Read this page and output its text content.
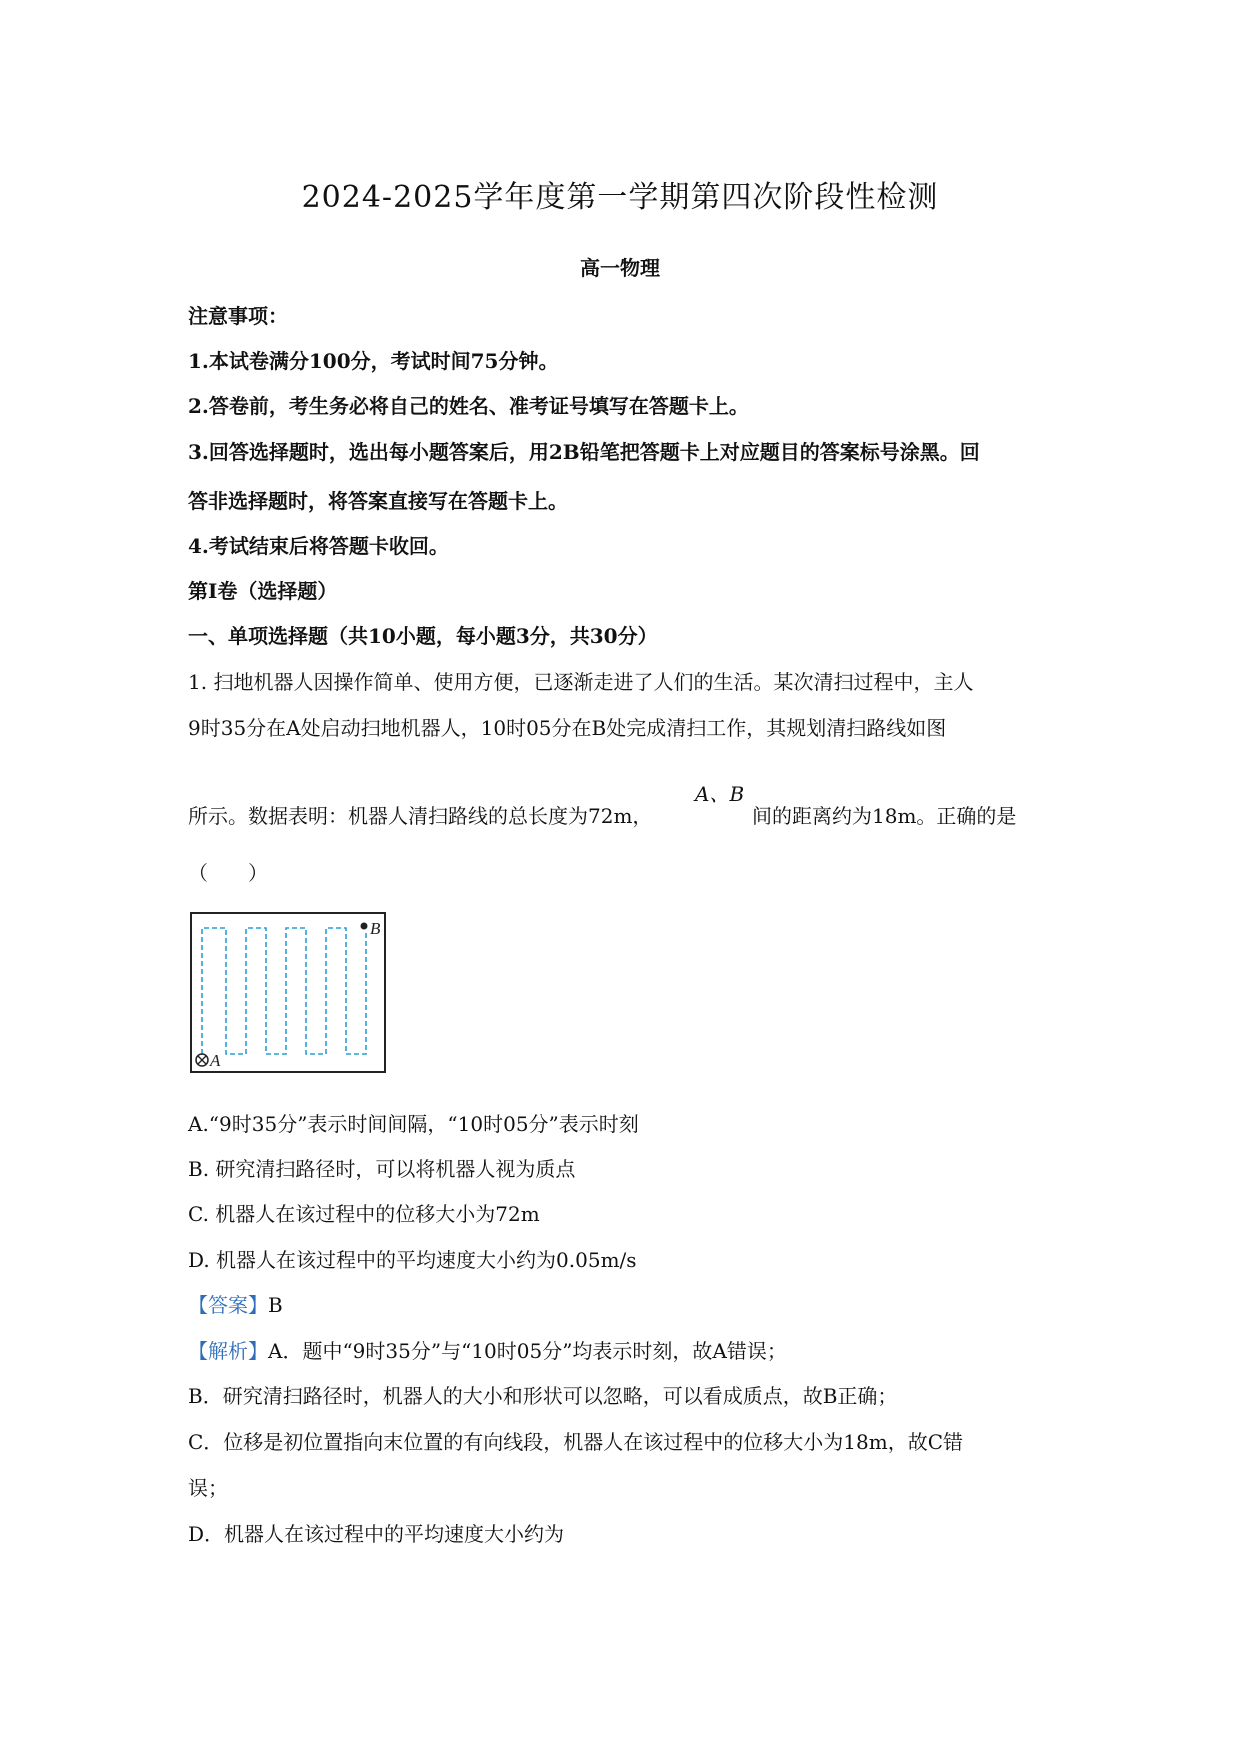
2024-2025学年度第一学期第四次阶段性检测
高一物理
注意事项：
1.本试卷满分100分，考试时间75分钟。
2.答卷前，考生务必将自己的姓名、准考证号填写在答题卡上。
3.回答选择题时，选出每小题答案后，用2B铅笔把答题卡上对应题目的答案标号涂黑。回
答非选择题时，将答案直接写在答题卡上。
4.考试结束后将答题卡收回。
第I卷（选择题）
一、单项选择题（共10小题，每小题3分，共30分）
1. 扫地机器人因操作简单、使用方便，已逐渐走进了人们的生活。某次清扫过程中，主人
9时35分在A处启动扫地机器人，10时05分在B处完成清扫工作，其规划清扫路线如图
所示。数据表明：机器人清扫路线的总长度为72m，
A、B
间的距离约为18m。正确的是
（　　）
B
A
A.“9时35分”表示时间间隔，“10时05分”表示时刻
B. 研究清扫路径时，可以将机器人视为质点
C. 机器人在该过程中的位移大小为72m
D. 机器人在该过程中的平均速度大小约为0.05m/s
【答案】B
【解析】A．题中“9时35分”与“10时05分”均表示时刻，故A错误；
B．研究清扫路径时，机器人的大小和形状可以忽略，可以看成质点，故B正确；
C．位移是初位置指向末位置的有向线段，机器人在该过程中的位移大小为18m，故C错
误；
D．机器人在该过程中的平均速度大小约为
